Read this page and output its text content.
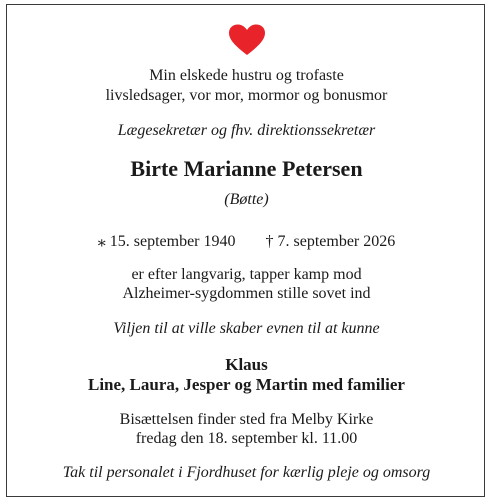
Min elskede hustru og trofaste
livsledsager, vor mor, mormor og bonusmor
Lægesekretær og fhv. direktionssekretær
Birte Marianne Petersen
(Bøtte)
⁎ 15. september 1940 † 7. september 2026
er efter langvarig, tapper kamp mod
Alzheimer-sygdommen stille sovet ind
Viljen til at ville skaber evnen til at kunne
Klaus
Line, Laura, Jesper og Martin med familier
Bisættelsen finder sted fra Melby Kirke
fredag den 18. september kl. 11.00
Tak til personalet i Fjordhuset for kærlig pleje og omsorg
